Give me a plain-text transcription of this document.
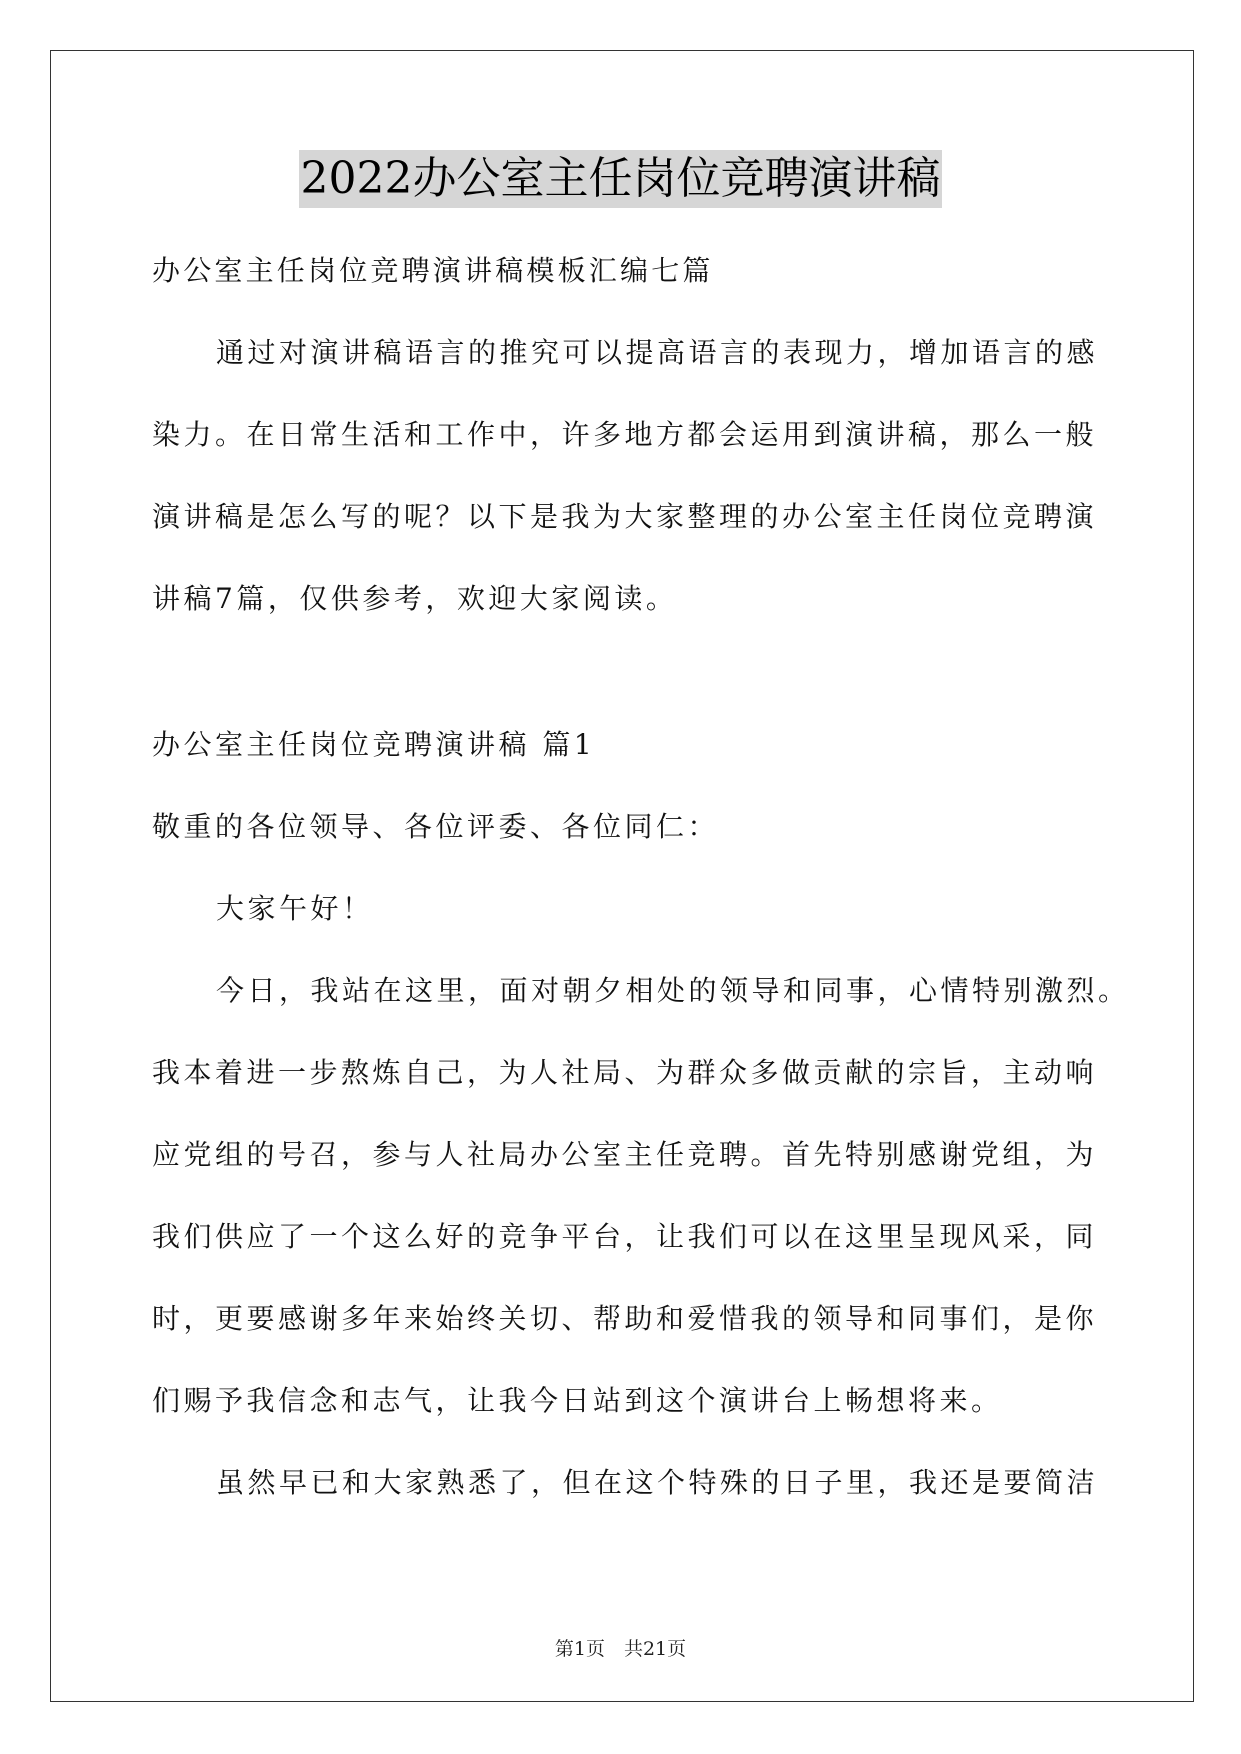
2022办公室主任岗位竞聘演讲稿
办公室主任岗位竞聘演讲稿模板汇编七篇
通过对演讲稿语言的推究可以提高语言的表现力，增加语言的感
染力。在日常生活和工作中，许多地方都会运用到演讲稿，那么一般
演讲稿是怎么写的呢？以下是我为大家整理的办公室主任岗位竞聘演
讲稿7篇，仅供参考，欢迎大家阅读。
办公室主任岗位竞聘演讲稿 篇1
敬重的各位领导、各位评委、各位同仁：
大家午好！
今日，我站在这里，面对朝夕相处的领导和同事，心情特别激烈。
我本着进一步熬炼自己，为人社局、为群众多做贡献的宗旨，主动响
应党组的号召，参与人社局办公室主任竞聘。首先特别感谢党组，为
我们供应了一个这么好的竞争平台，让我们可以在这里呈现风采，同
时，更要感谢多年来始终关切、帮助和爱惜我的领导和同事们，是你
们赐予我信念和志气，让我今日站到这个演讲台上畅想将来。
虽然早已和大家熟悉了，但在这个特殊的日子里，我还是要简洁
第1页　共21页
